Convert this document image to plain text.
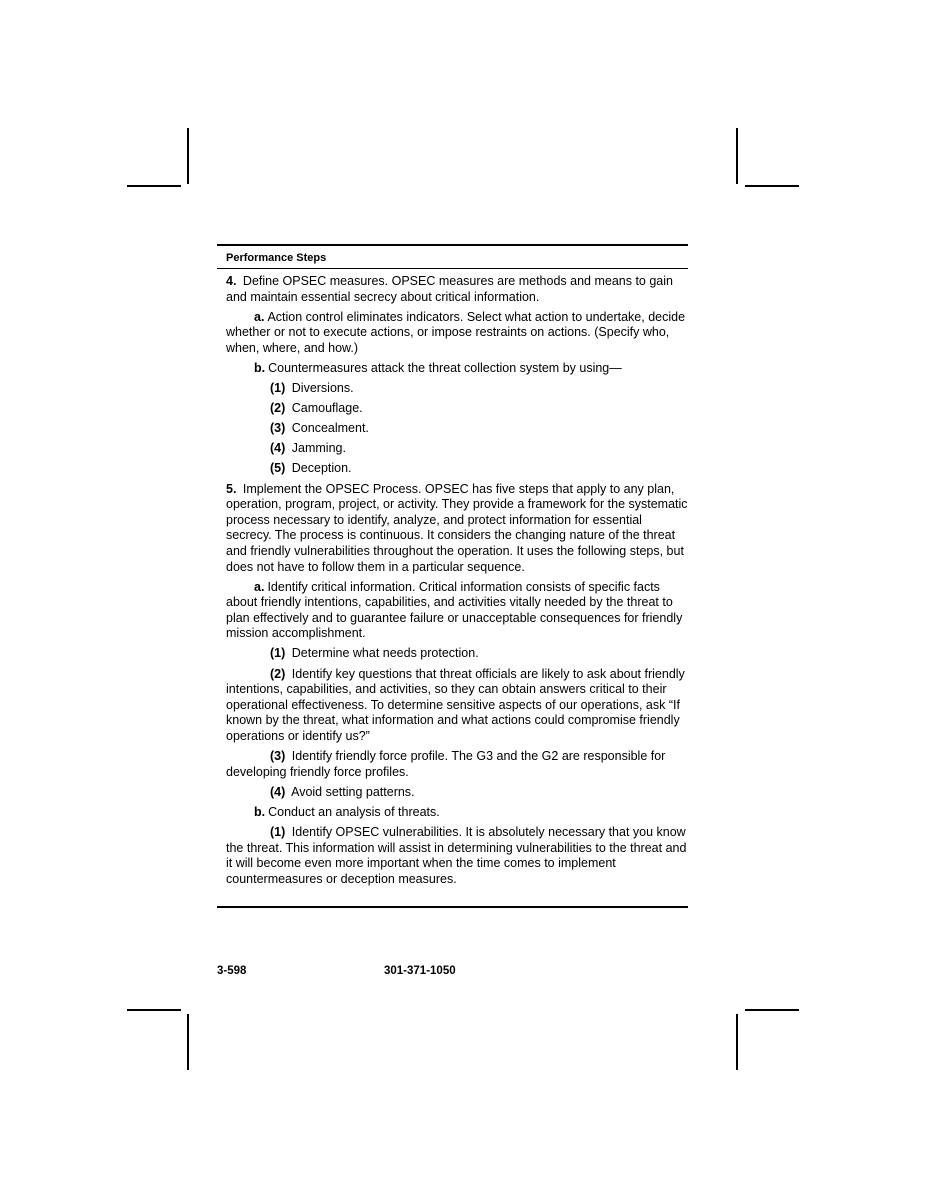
Performance Steps

4. Define OPSEC measures. OPSEC measures are methods and means to gain and maintain essential secrecy about critical information.

a. Action control eliminates indicators. Select what action to undertake, decide whether or not to execute actions, or impose restraints on actions. (Specify who, when, where, and how.)

b. Countermeasures attack the threat collection system by using—

(1) Diversions.

(2) Camouflage.

(3) Concealment.

(4) Jamming.

(5) Deception.

5. Implement the OPSEC Process. OPSEC has five steps that apply to any plan, operation, program, project, or activity. They provide a framework for the systematic process necessary to identify, analyze, and protect information for essential secrecy. The process is continuous. It considers the changing nature of the threat and friendly vulnerabilities throughout the operation. It uses the following steps, but does not have to follow them in a particular sequence.

a. Identify critical information. Critical information consists of specific facts about friendly intentions, capabilities, and activities vitally needed by the threat to plan effectively and to guarantee failure or unacceptable consequences for friendly mission accomplishment.

(1) Determine what needs protection.

(2) Identify key questions that threat officials are likely to ask about friendly intentions, capabilities, and activities, so they can obtain answers critical to their operational effectiveness. To determine sensitive aspects of our operations, ask “If known by the threat, what information and what actions could compromise friendly operations or identify us?”

(3) Identify friendly force profile. The G3 and the G2 are responsible for developing friendly force profiles.

(4) Avoid setting patterns.

b. Conduct an analysis of threats.

(1) Identify OPSEC vulnerabilities. It is absolutely necessary that you know the threat. This information will assist in determining vulnerabilities to the threat and it will become even more important when the time comes to implement countermeasures or deception measures.

3-598	301-371-1050
